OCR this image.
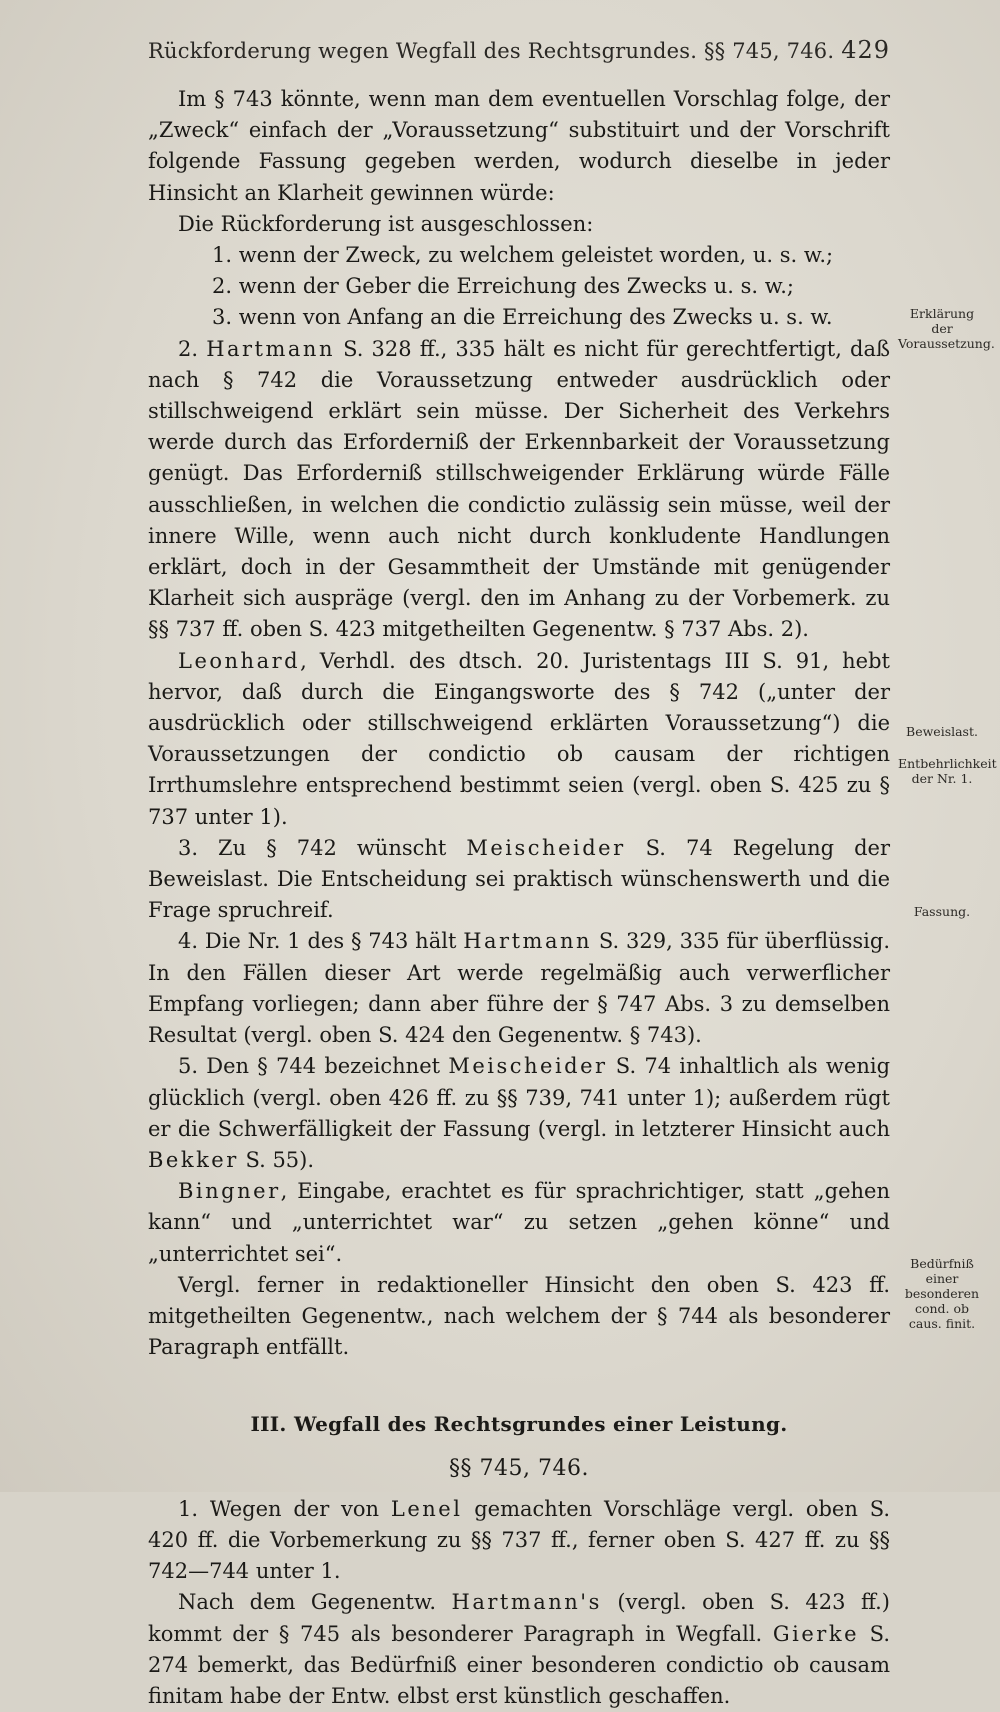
Rückforderung wegen Wegfall des Rechtsgrundes. §§ 745, 746. 429

Im § 743 könnte, wenn man dem eventuellen Vorschlag folge, der „Zweck“ einfach der „Voraussetzung“ substituirt und der Vorschrift folgende Fassung gegeben werden, wodurch dieselbe in jeder Hinsicht an Klarheit gewinnen würde:

Die Rückforderung ist ausgeschlossen:

1. wenn der Zweck, zu welchem geleistet worden, u. s. w.;

2. wenn der Geber die Erreichung des Zwecks u. s. w.;

3. wenn von Anfang an die Erreichung des Zwecks u. s. w.

2. Hartmann S. 328 ff., 335 hält es nicht für gerechtfertigt, daß nach § 742 die Voraussetzung entweder ausdrücklich oder stillschweigend erklärt sein müsse. Der Sicherheit des Verkehrs werde durch das Erforderniß der Erkennbarkeit der Voraussetzung genügt. Das Erforderniß stillschweigender Erklärung würde Fälle ausschließen, in welchen die condictio zulässig sein müsse, weil der innere Wille, wenn auch nicht durch konkludente Handlungen erklärt, doch in der Gesammtheit der Umstände mit genügender Klarheit sich ausprägе (vergl. den im Anhang zu der Vorbemerk. zu §§ 737 ff. oben S. 423 mitgetheilten Gegenentw. § 737 Abs. 2).

Leonhard, Verhdl. des dtsch. 20. Juristentags III S. 91, hebt hervor, daß durch die Eingangsworte des § 742 („unter der ausdrücklich oder stillschweigend erklärten Voraussetzung“) die Voraussetzungen der condictio ob causam der richtigen Irrthumslehre entsprechend bestimmt seien (vergl. oben S. 425 zu § 737 unter 1).

3. Zu § 742 wünscht Meischeider S. 74 Regelung der Beweislast. Die Entscheidung sei praktisch wünschenswerth und die Frage spruchreif.

4. Die Nr. 1 des § 743 hält Hartmann S. 329, 335 für überflüssig. In den Fällen dieser Art werde regelmäßig auch verwerflicher Empfang vorliegen; dann aber führe der § 747 Abs. 3 zu demselben Resultat (vergl. oben S. 424 den Gegenentw. § 743).

5. Den § 744 bezeichnet Meischeider S. 74 inhaltlich als wenig glücklich (vergl. oben 426 ff. zu §§ 739, 741 unter 1); außerdem rügt er die Schwerfälligkeit der Fassung (vergl. in letzterer Hinsicht auch Bekker S. 55).

Bingner, Eingabe, erachtet es für sprachrichtiger, statt „gehen kann“ und „unterrichtet war“ zu setzen „gehen könne“ und „unterrichtet sei“.

Vergl. ferner in redaktioneller Hinsicht den oben S. 423 ff. mitgetheilten Gegenentw., nach welchem der § 744 als besonderer Paragraph entfällt.

III. Wegfall des Rechtsgrundes einer Leistung.
§§ 745, 746.

1. Wegen der von Lenel gemachten Vorschläge vergl. oben S. 420 ff. die Vorbemerkung zu §§ 737 ff., ferner oben S. 427 ff. zu §§ 742—744 unter 1.

Nach dem Gegenentw. Hartmann's (vergl. oben S. 423 ff.) kommt der § 745 als besonderer Paragraph in Wegfall. Gierke S. 274 bemerkt, das Bedürfniß einer besonderen condictio ob causam finitam habe der Entw. elbst erst künstlich geschaffen.

Erklärung der Voraussetzung.
Beweislast.
Entbehrlichkeit der Nr. 1.
Fassung.
Bedürfniß einer besonderen cond. ob caus. finit.
